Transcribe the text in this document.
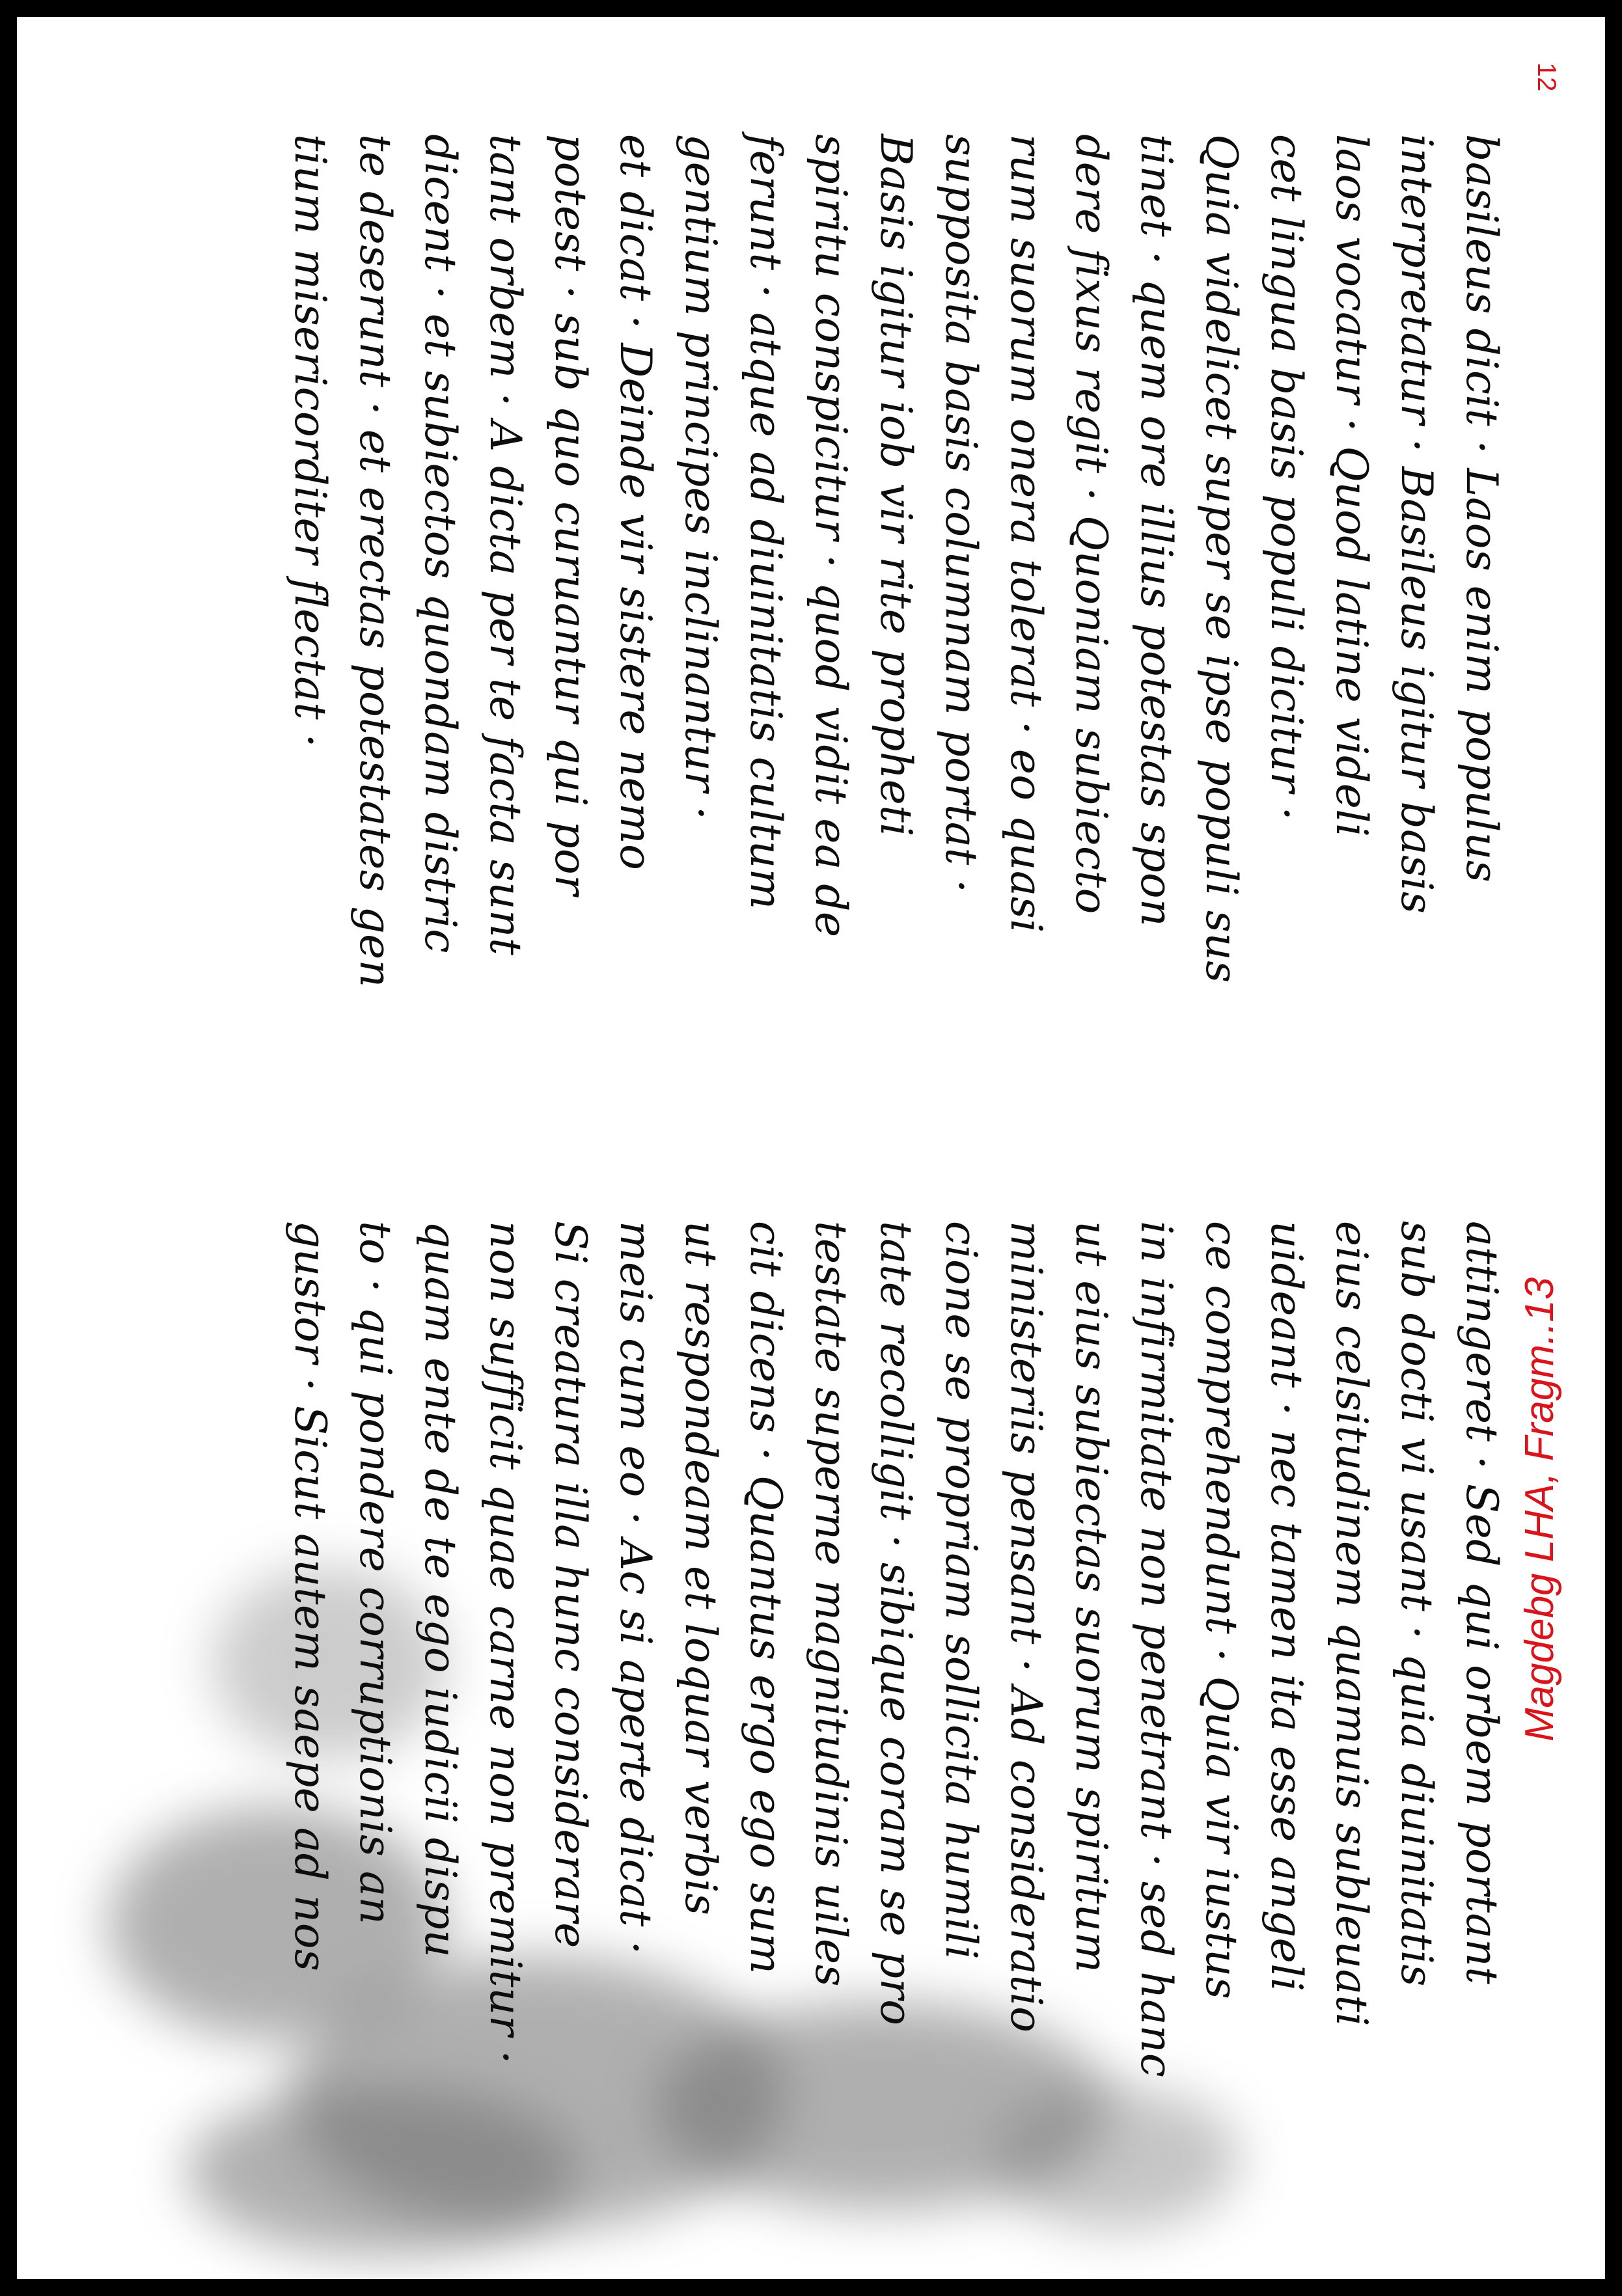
basileus dicit · Laos enim populus
interpretatur · Basileus igitur basis
laos vocatur · Quod latine videli
cet lingua basis populi dicitur ·
Quia videlicet super se ipse populi sus
tinet · quem ore illius potestas spon
dere fixus regit · Quoniam subiecto
rum suorum onera tolerat · eo quasi
supposita basis columnam portat ·
Basis igitur iob vir rite propheti
spiritu conspicitur · quod vidit ea de
ferunt · atque ad diuinitatis cultum
gentium principes inclinantur ·
et dicat · Deinde vir sistere nemo
potest · sub quo curuantur qui por
tant orbem · A dicta per te facta sunt
dicent · et subiectos quondam distric
te deserunt · et erectas potestates gen
tium misericorditer flectat ·
attingeret · Sed qui orbem portant
sub docti vi usant · quia diuinitatis
eius celsitudinem quamuis subleuati
uideant · nec tamen ita esse angeli
ce comprehendunt · Quia vir iustus
in infirmitate non penetrant · sed hanc
ut eius subiectas suorum spiritum
ministeriis pensant · Ad consideratio
cione se propriam sollicita humili
tate recolligit · sibique coram se pro
testate superne magnitudinis uiles
cit dicens · Quantus ergo ego sum
ut respondeam et loquar verbis
meis cum eo · Ac si aperte dicat ·
Si creatura illa hunc considerare
non sufficit quae carne non premitur ·
quam ente de te ego iudicii dispu
to · qui pondere corruptionis an
gustor · Sicut autem saepe ad nos
12
Magdebg LHA, Fragm..13
